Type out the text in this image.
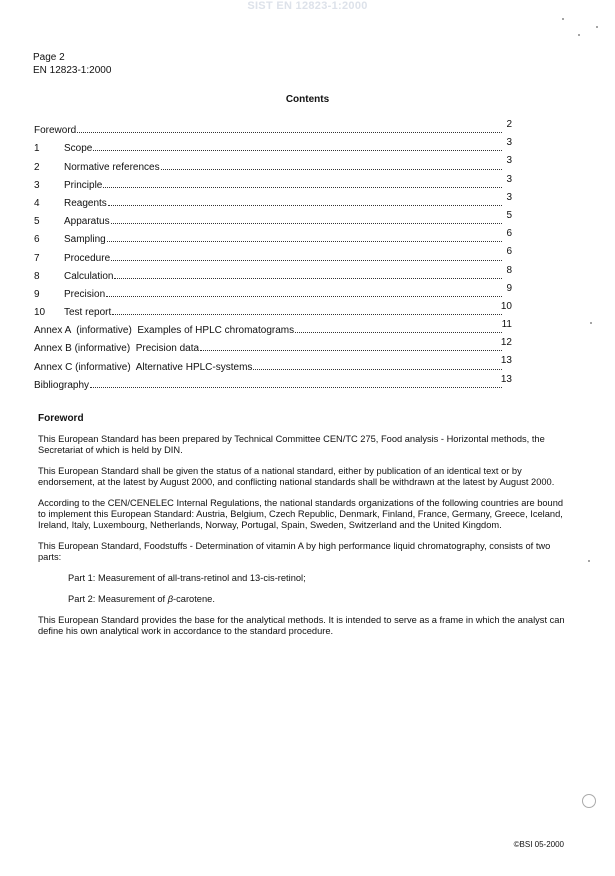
SIST EN 12823-1:2000
Page 2
EN 12823-1:2000
Contents
Foreword
2
1 Scope
3
2 Normative references
3
3 Principle
3
4 Reagents
3
5 Apparatus
5
6 Sampling
6
7 Procedure
6
8 Calculation
8
9 Precision
9
10 Test report
10
Annex A  (informative)  Examples of HPLC chromatograms
11
Annex B (informative)  Precision data
12
Annex C (informative)  Alternative HPLC-systems
13
Bibliography
13

Foreword

This European Standard has been prepared by Technical Committee CEN/TC 275, Food analysis - Horizontal methods, the Secretariat of which is held by DIN.

This European Standard shall be given the status of a national standard, either by publication of an identical text or by endorsement, at the latest by August 2000, and conflicting national standards shall be withdrawn at the latest by August 2000.

According to the CEN/CENELEC Internal Regulations, the national standards organizations of the following countries are bound to implement this European Standard: Austria, Belgium, Czech Republic, Denmark, Finland, France, Germany, Greece, Iceland, Ireland, Italy, Luxembourg, Netherlands, Norway, Portugal, Spain, Sweden, Switzerland and the United Kingdom.

This European Standard, Foodstuffs - Determination of vitamin A by high performance liquid chromatography, consists of two parts:

Part 1: Measurement of all-trans-retinol and 13-cis-retinol;

Part 2: Measurement of β-carotene.

This European Standard provides the base for the analytical methods. It is intended to serve as a frame in which the analyst can define his own analytical work in accordance to the standard procedure.

©BSI 05-2000
